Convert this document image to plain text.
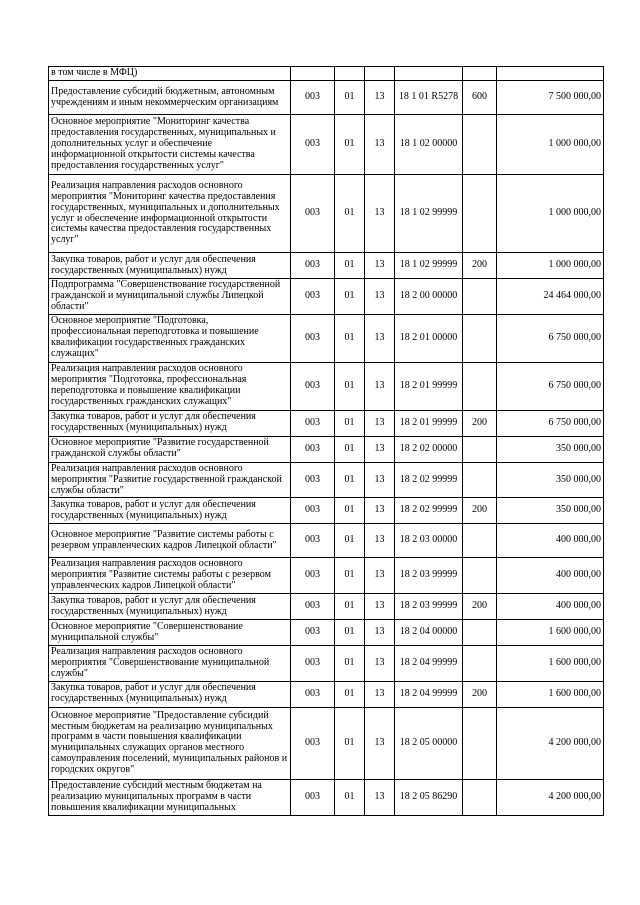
в том числе в МФЦ)						
Предоставление субсидий бюджетным, автономным учреждениям и иным некоммерческим организациям	003	01	13	18 1 01 R5278	600	7 500 000,00
Основное мероприятие "Мониторинг качества предоставления государственных, муниципальных и дополнительных услуг и обеспечение информационной открытости системы качества предоставления государственных услуг"	003	01	13	18 1 02 00000		1 000 000,00
Реализация направления расходов основного мероприятия "Мониторинг качества предоставления государственных, муниципальных и дополнительных услуг и обеспечение информационной открытости системы качества предоставления государственных услуг"	003	01	13	18 1 02 99999		1 000 000,00
Закупка товаров, работ и услуг для обеспечения государственных (муниципальных) нужд	003	01	13	18 1 02 99999	200	1 000 000,00
Подпрограмма "Совершенствование государственной гражданской и муниципальной службы Липецкой области"	003	01	13	18 2 00 00000		24 464 000,00
Основное мероприятие "Подготовка, профессиональная переподготовка и повышение квалификации государственных гражданских служащих"	003	01	13	18 2 01 00000		6 750 000,00
Реализация направления расходов основного мероприятия "Подготовка, профессиональная переподготовка и повышение квалификации государственных гражданских служащих"	003	01	13	18 2 01 99999		6 750 000,00
Закупка товаров, работ и услуг для обеспечения государственных (муниципальных) нужд	003	01	13	18 2 01 99999	200	6 750 000,00
Основное мероприятие "Развитие государственной гражданской службы области"	003	01	13	18 2 02 00000		350 000,00
Реализация направления расходов основного мероприятия "Развитие государственной гражданской службы области"	003	01	13	18 2 02 99999		350 000,00
Закупка товаров, работ и услуг для обеспечения государственных (муниципальных) нужд	003	01	13	18 2 02 99999	200	350 000,00
Основное мероприятие "Развитие системы работы с резервом управленческих кадров Липецкой области"	003	01	13	18 2 03 00000		400 000,00
Реализация направления расходов основного мероприятия "Развитие системы работы с резервом управленческих кадров Липецкой области"	003	01	13	18 2 03 99999		400 000,00
Закупка товаров, работ и услуг для обеспечения государственных (муниципальных) нужд	003	01	13	18 2 03 99999	200	400 000,00
Основное мероприятие "Совершенствование муниципальной службы"	003	01	13	18 2 04 00000		1 600 000,00
Реализация направления расходов основного мероприятия "Совершенствование муниципальной службы"	003	01	13	18 2 04 99999		1 600 000,00
Закупка товаров, работ и услуг для обеспечения государственных (муниципальных) нужд	003	01	13	18 2 04 99999	200	1 600 000,00
Основное мероприятие "Предоставление субсидий местным бюджетам на реализацию муниципальных программ в части повышения квалификации муниципальных служащих органов местного самоуправления поселений, муниципальных районов и городских округов"	003	01	13	18 2 05 00000		4 200 000,00
Предоставление субсидий местным бюджетам на реализацию муниципальных программ в части повышения квалификации муниципальных	003	01	13	18 2 05 86290		4 200 000,00
